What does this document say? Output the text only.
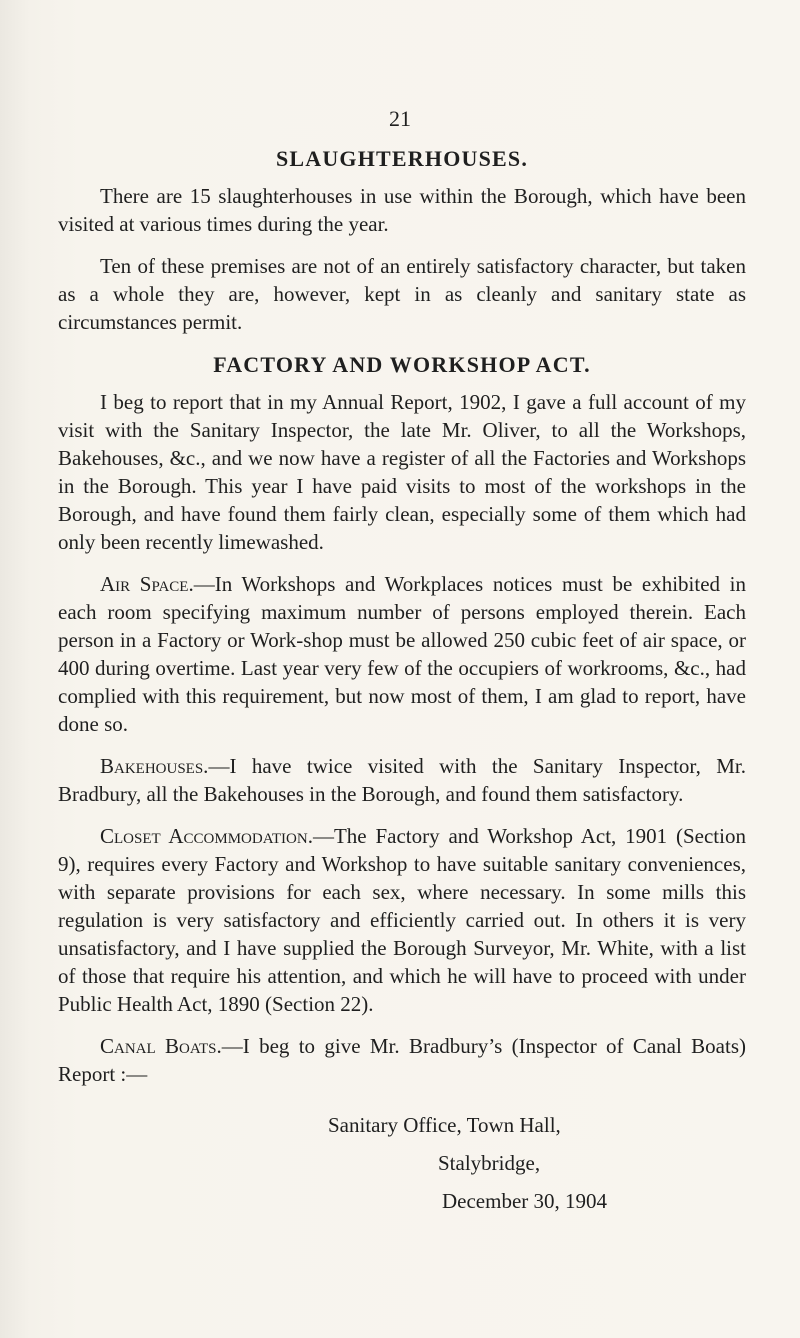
21
SLAUGHTERHOUSES.

There are 15 slaughterhouses in use within the Borough, which have been visited at various times during the year.

Ten of these premises are not of an entirely satisfactory character, but taken as a whole they are, however, kept in as cleanly and sanitary state as circumstances permit.

FACTORY AND WORKSHOP ACT.

I beg to report that in my Annual Report, 1902, I gave a full account of my visit with the Sanitary Inspector, the late Mr. Oliver, to all the Workshops, Bakehouses, &c., and we now have a register of all the Factories and Workshops in the Borough. This year I have paid visits to most of the workshops in the Borough, and have found them fairly clean, especially some of them which had only been recently limewashed.

Air Space.—In Workshops and Workplaces notices must be exhibited in each room specifying maximum number of persons employed therein. Each person in a Factory or Work-shop must be allowed 250 cubic feet of air space, or 400 during overtime. Last year very few of the occupiers of workrooms, &c., had complied with this requirement, but now most of them, I am glad to report, have done so.

Bakehouses.—I have twice visited with the Sanitary Inspector, Mr. Bradbury, all the Bakehouses in the Borough, and found them satisfactory.

Closet Accommodation.—The Factory and Workshop Act, 1901 (Section 9), requires every Factory and Workshop to have suitable sanitary conveniences, with separate provisions for each sex, where necessary. In some mills this regulation is very satisfactory and efficiently carried out. In others it is very unsatisfactory, and I have supplied the Borough Surveyor, Mr. White, with a list of those that require his attention, and which he will have to proceed with under Public Health Act, 1890 (Section 22).

Canal Boats.—I beg to give Mr. Bradbury’s (Inspector of Canal Boats) Report :—

Sanitary Office, Town Hall,
Stalybridge,
December 30, 1904
